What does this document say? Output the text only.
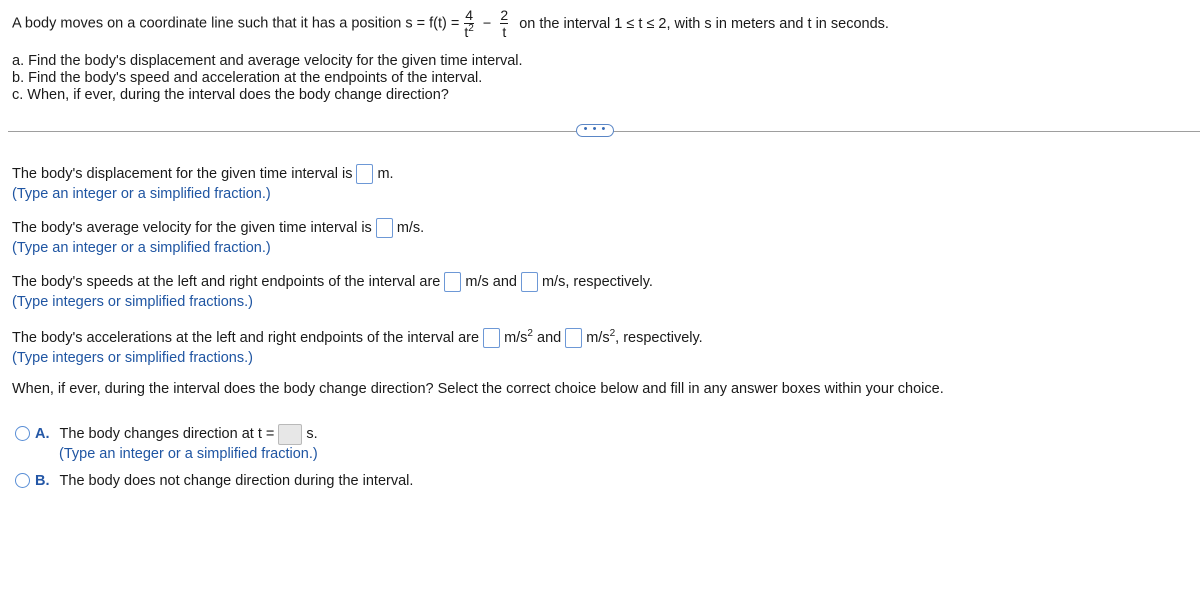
A body moves on a coordinate line such that it has a position $s = f(t) = \frac{4}{t^2} - \frac{2}{t}$ on the interval 1 ≤ t ≤ 2, with s in meters and t in seconds.
a. Find the body's displacement and average velocity for the given time interval.
b. Find the body's speed and acceleration at the endpoints of the interval.
c. When, if ever, during the interval does the body change direction?
• • •
The body's displacement for the given time interval is m.
(Type an integer or a simplified fraction.)
The body's average velocity for the given time interval is m/s.
(Type an integer or a simplified fraction.)
The body's speeds at the left and right endpoints of the interval are m/s and m/s, respectively.
(Type integers or simplified fractions.)
The body's accelerations at the left and right endpoints of the interval are $m/s^2$ and $m/s^2$, respectively.
(Type integers or simplified fractions.)
When, if ever, during the interval does the body change direction? Select the correct choice below and fill in any answer boxes within your choice.
A. The body changes direction at t = s.
(Type an integer or a simplified fraction.)
B. The body does not change direction during the interval.
